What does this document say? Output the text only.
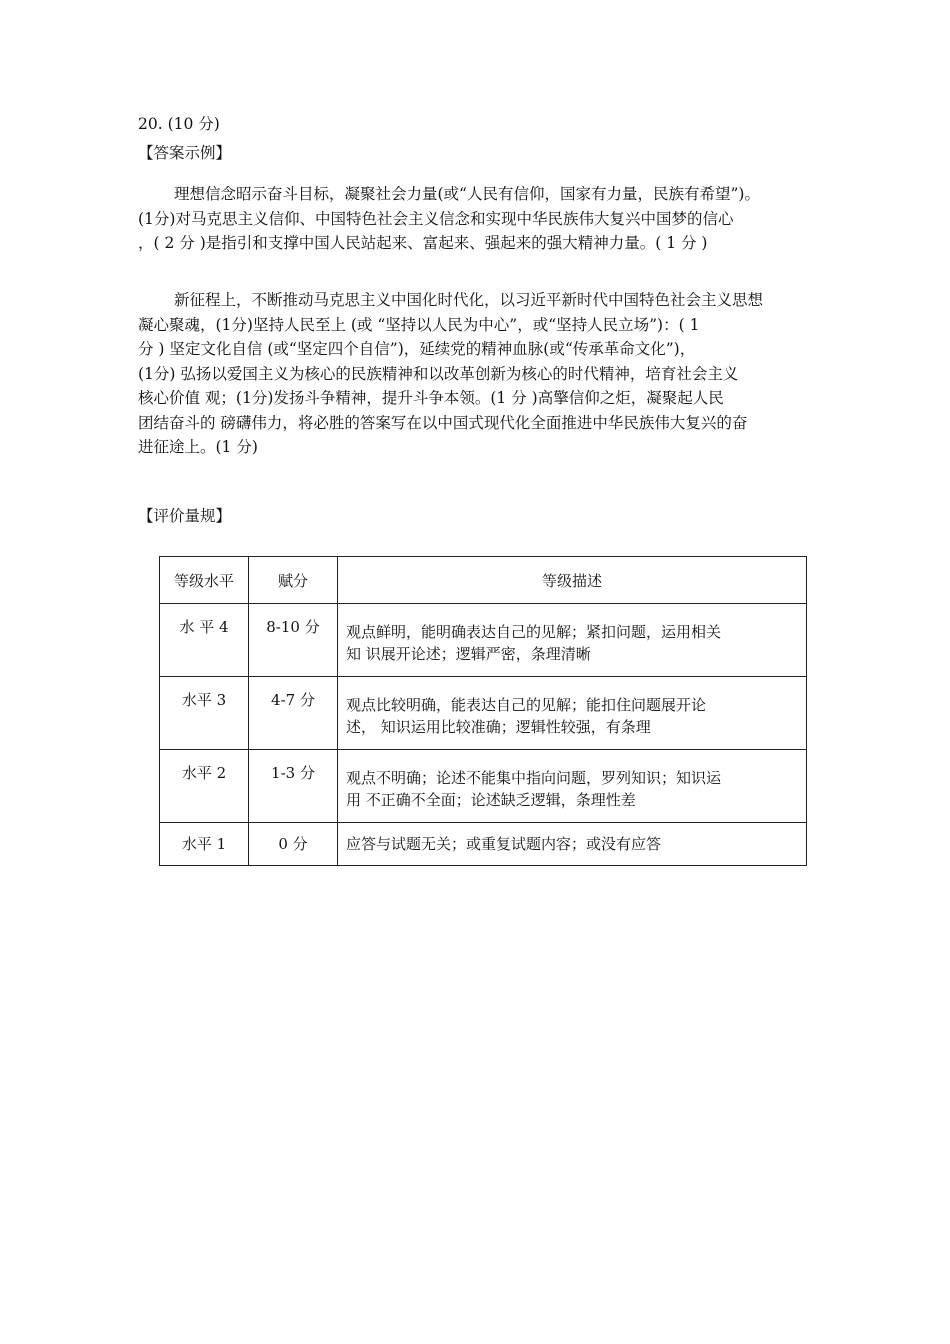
20. (10 分)
【答案示例】
理想信念昭示奋斗目标，凝聚社会力量(或“人民有信仰，国家有力量，民族有希望”)。
(1分)对马克思主义信仰、中国特色社会主义信念和实现中华民族伟大复兴中国梦的信心
，( 2 分 )是指引和支撑中国人民站起来、富起来、强起来的强大精神力量。( 1 分 )
新征程上，不断推动马克思主义中国化时代化，以习近平新时代中国特色社会主义思想
凝心聚魂，(1分)坚持人民至上 (或 “坚持以人民为中心”，或“坚持人民立场”)：( 1
分 ) 坚定文化自信 (或“坚定四个自信”)，延续党的精神血脉(或“传承革命文化”)，
(1分) 弘扬以爱国主义为核心的民族精神和以改革创新为核心的时代精神，培育社会主义
核心价值 观；(1分)发扬斗争精神，提升斗争本领。(1 分 )高擎信仰之炬，凝聚起人民
团结奋斗的 磅礴伟力，将必胜的答案写在以中国式现代化全面推进中华民族伟大复兴的奋
进征途上。(1 分)
【评价量规】
等级水平	赋分	等级描述
水 平 4	8-10 分	观点鲜明，能明确表达自己的见解；紧扣问题，运用相关
知 识展开论述；逻辑严密，条理清晰

水平 3	4-7 分	观点比较明确，能表达自己的见解；能扣住问题展开论
述， 知识运用比较准确；逻辑性较强，有条理

水平 2	1-3 分	观点不明确；论述不能集中指向问题，罗列知识；知识运
用 不正确不全面；论述缺乏逻辑，条理性差

水平 1	0 分	应答与试题无关；或重复试题内容；或没有应答
